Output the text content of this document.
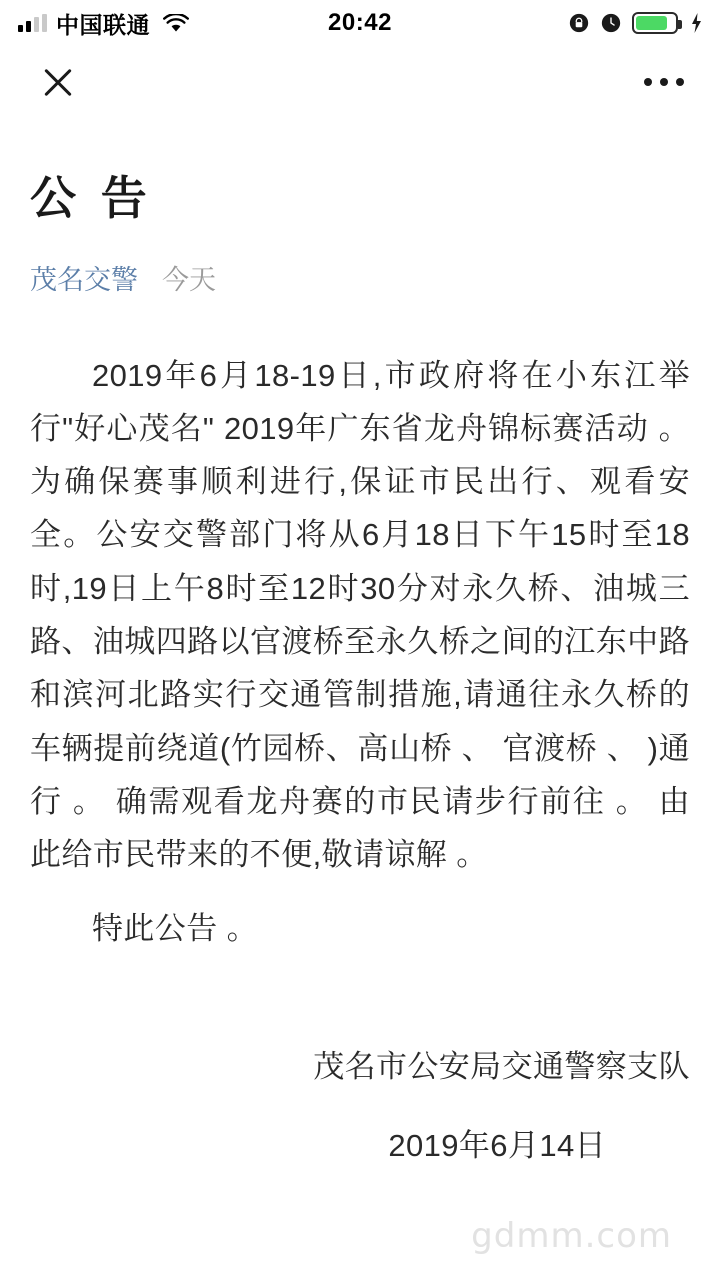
中国联通	20:42
公 告
茂名交警 今天

2019年6月18-19日,市政府将在小东江举行"好心茂名" 2019年广东省龙舟锦标赛活动 。 为确保赛事顺利进行,保证市民出行、观看安全。公安交警部门将从6月18日下午15时至18时,19日上午8时至12时30分对永久桥、油城三路、油城四路以官渡桥至永久桥之间的江东中路和滨河北路实行交通管制措施,请通往永久桥的车辆提前绕道(竹园桥、高山桥 、 官渡桥 、 )通行 。 确需观看龙舟赛的市民请步行前往 。 由此给市民带来的不便,敬请谅解 。

特此公告 。

茂名市公安局交通警察支队
2019年6月14日
gdmm.com
